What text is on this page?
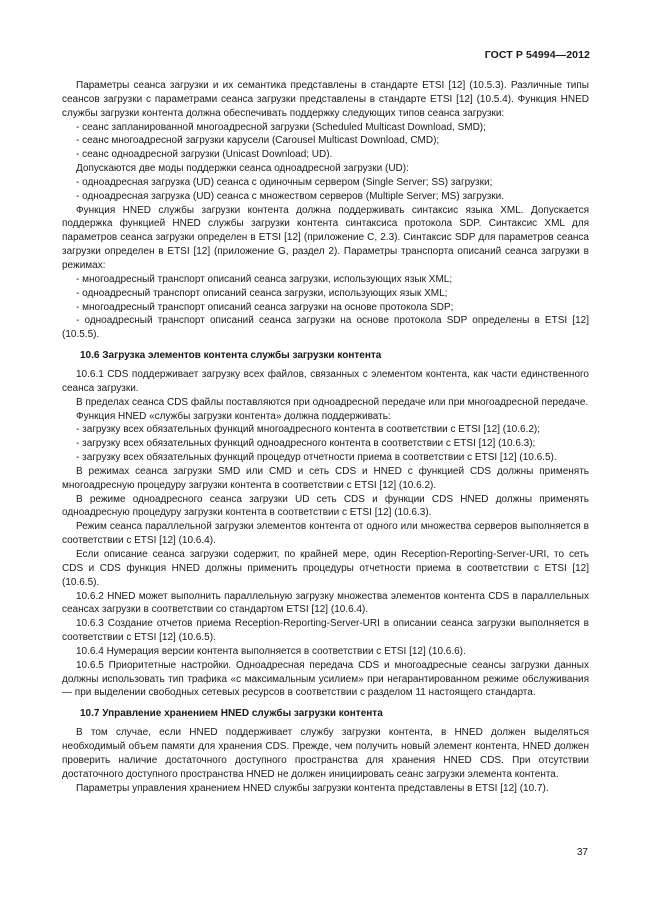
ГОСТ Р 54994—2012

Параметры сеанса загрузки и их семантика представлены в стандарте ETSI [12] (10.5.3). Различные типы сеансов загрузки с параметрами сеанса загрузки представлены в стандарте ETSI [12] (10.5.4). Функция HNED службы загрузки контента должна обеспечивать поддержку следующих типов сеанса загрузки:

- сеанс запланированной многоадресной загрузки (Scheduled Multicast Download, SMD);

- сеанс многоадресной загрузки карусели (Carousel Multicast Download, CMD);

- сеанс одноадресной загрузки (Unicast Download; UD).

Допускаются две моды поддержки сеанса одноадресной загрузки (UD):

- одноадресная загрузка (UD) сеанса с одиночным сервером (Single Server; SS) загрузки;

- одноадресная загрузка (UD) сеанса с множеством серверов (Multiple Server; MS) загрузки.

Функция HNED службы загрузки контента должна поддерживать синтаксис языка XML. Допускается поддержка функцией HNED службы загрузки контента синтаксиса протокола SDP. Синтаксис XML для параметров сеанса загрузки определен в ETSI [12] (приложение C, 2.3). Синтаксис SDP для параметров сеанса загрузки определен в ETSI [12] (приложение G, раздел 2). Параметры транспорта описаний сеанса загрузки в режимах:

- многоадресный транспорт описаний сеанса загрузки, использующих язык XML;

- одноадресный транспорт описаний сеанса загрузки, использующих язык XML;

- многоадресный транспорт описаний сеанса загрузки на основе протокола SDP;

- одноадресный транспорт описаний сеанса загрузки на основе протокола SDP определены в ETSI [12] (10.5.5).

10.6 Загрузка элементов контента службы загрузки контента

10.6.1 CDS поддерживает загрузку всех файлов, связанных с элементом контента, как части единственного сеанса загрузки.

В пределах сеанса CDS файлы поставляются при одноадресной передаче или при многоадресной передаче.

Функция HNED «службы загрузки контента» должна поддерживать:

- загрузку всех обязательных функций многоадресного контента в соответствии с ETSI [12] (10.6.2);

- загрузку всех обязательных функций одноадресного контента в соответствии с ETSI [12] (10.6.3);

- загрузку всех обязательных функций процедур отчетности приема в соответствии с ETSI [12] (10.6.5).

В режимах сеанса загрузки SMD или CMD и сеть CDS и HNED с функцией CDS должны применять многоадресную процедуру загрузки контента в соответствии с ETSI [12] (10.6.2).

В режиме одноадресного сеанса загрузки UD сеть CDS и функции CDS HNED должны применять одноадресную процедуру загрузки контента в соответствии с ETSI [12] (10.6.3).

Режим сеанса параллельной загрузки элементов контента от одного или множества серверов выполняется в соответствии с ETSI [12] (10.6.4).

Если описание сеанса загрузки содержит, по крайней мере, один Reception-Reporting-Server-URI, то сеть CDS и CDS функция HNED должны применить процедуры отчетности приема в соответствии с ETSI [12] (10.6.5).

10.6.2 HNED может выполнить параллельную загрузку множества элементов контента CDS в параллельных сеансах загрузки в соответствии со стандартом ETSI [12] (10.6.4).

10.6.3 Создание отчетов приема Reception-Reporting-Server-URI в описании сеанса загрузки выполняется в соответствии с ETSI [12] (10.6.5).

10.6.4 Нумерация версии контента выполняется в соответствии с ETSI [12] (10.6.6).

10.6.5 Приоритетные настройки. Одноадресная передача CDS и многоадресные сеансы загрузки данных должны использовать тип трафика «с максимальным усилием» при негарантированном режиме обслуживания — при выделении свободных сетевых ресурсов в соответствии с разделом 11 настоящего стандарта.

10.7 Управление хранением HNED службы загрузки контента

В том случае, если HNED поддерживает службу загрузки контента, в HNED должен выделяться необходимый объем памяти для хранения CDS. Прежде, чем получить новый элемент контента, HNED должен проверить наличие достаточного доступного пространства для хранения HNED CDS. При отсутствии достаточного доступного пространства HNED не должен инициировать сеанс загрузки элемента контента.

Параметры управления хранением HNED службы загрузки контента представлены в ETSI [12] (10.7).

37
